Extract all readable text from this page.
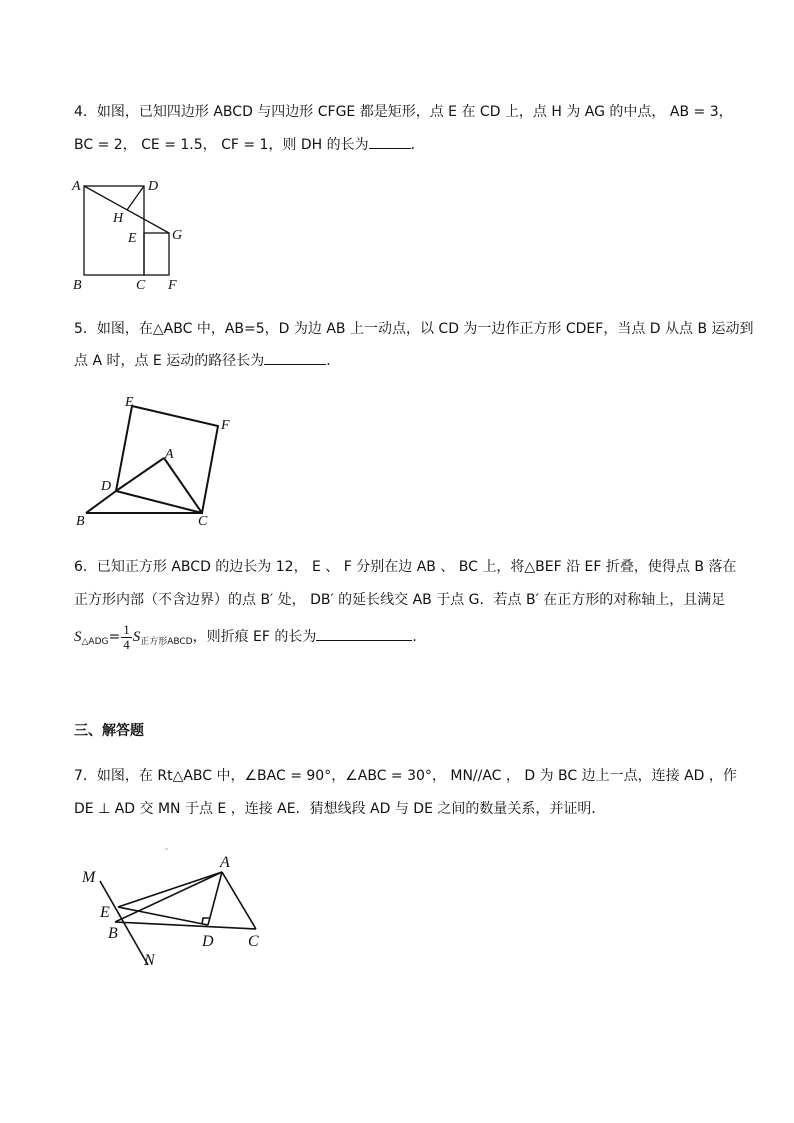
4．如图，已知四边形 ABCD 与四边形 CFGE 都是矩形，点 E 在 CD 上，点 H 为 AG 的中点， AB = 3，
BC = 2， CE = 1.5， CF = 1，则 DH 的长为	．
A	D
H
E	G
B	C F
5．如图，在△ABC 中，AB=5，D 为边 AB 上一动点，以 CD 为一边作正方形 CDEF，当点 D 从点 B 运动到
点 A 时，点 E 运动的路径长为	．
E
F
A
D
B	C
6．已知正方形 ABCD 的边长为 12， E 、 F 分别在边 AB 、 BC 上，将△BEF 沿 EF 折叠，使得点 B 落在
正方形内部（不含边界）的点 B′ 处， DB′ 的延长线交 AB 于点 G．若点 B′ 在正方形的对称轴上，且满足
$S_{\triangle ADG}= \frac{1}{4} S_{正方形ABCD}$，则折痕 EF 的长为	．
三、解答题
7．如图，在 Rt△ABC 中，∠BAC = 90°，∠ABC = 30°， MN//AC ， D 为 BC 边上一点，连接 AD ，作
DE ⊥ AD 交 MN 于点 E ，连接 AE．猜想线段 AD 与 DE 之间的数量关系，并证明．
M
A
E
B	D C
N
